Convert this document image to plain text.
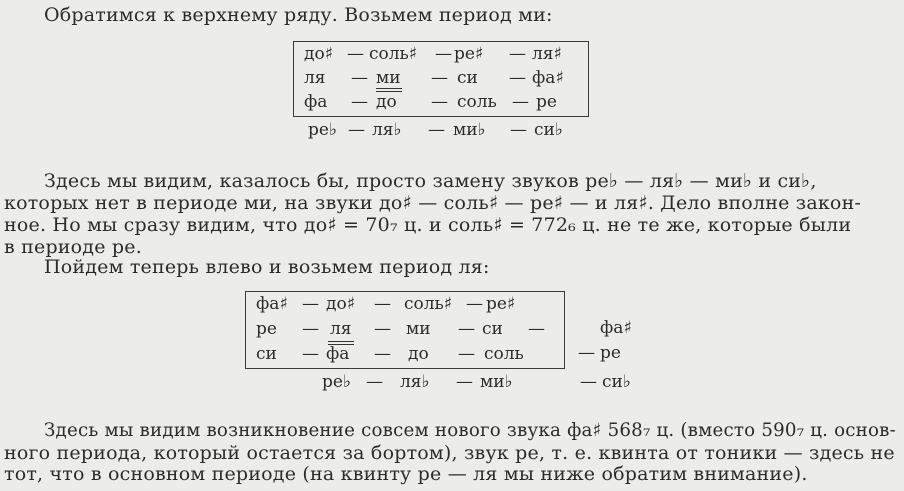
Обратимся к верхнему ряду. Возьмем период ми:
до♯ — соль♯ — ре♯ — ля♯
ля — ми — си — фа♯
фа — до — соль — ре
ре♭ — ля♭ — ми♭ — си♭
Здесь мы видим, казалось бы, просто замену звуков ре♭ — ля♭ — ми♭ и си♭,
которых нет в периоде ми, на звуки до♯ — соль♯ — ре♯ — и ля♯. Дело вполне закон-
ное. Но мы сразу видим, что до♯ = 70₇ ц. и соль♯ = 772₆ ц. не те же, которые были
в периоде ре.
Пойдем теперь влево и возьмем период ля:
фа♯ — до♯ — соль♯ — ре♯
ре — ля — ми — си —
си — фа — до — соль
фа♯
— ре
ре♭ — ля♭ — ми♭	— си♭
Здесь мы видим возникновение совсем нового звука фа♯ 568₇ ц. (вместо 590₇ ц. основ-
ного периода, который остается за бортом), звук ре, т. е. квинта от тоники — здесь не
тот, что в основном периоде (на квинту ре — ля мы ниже обратим внимание).
